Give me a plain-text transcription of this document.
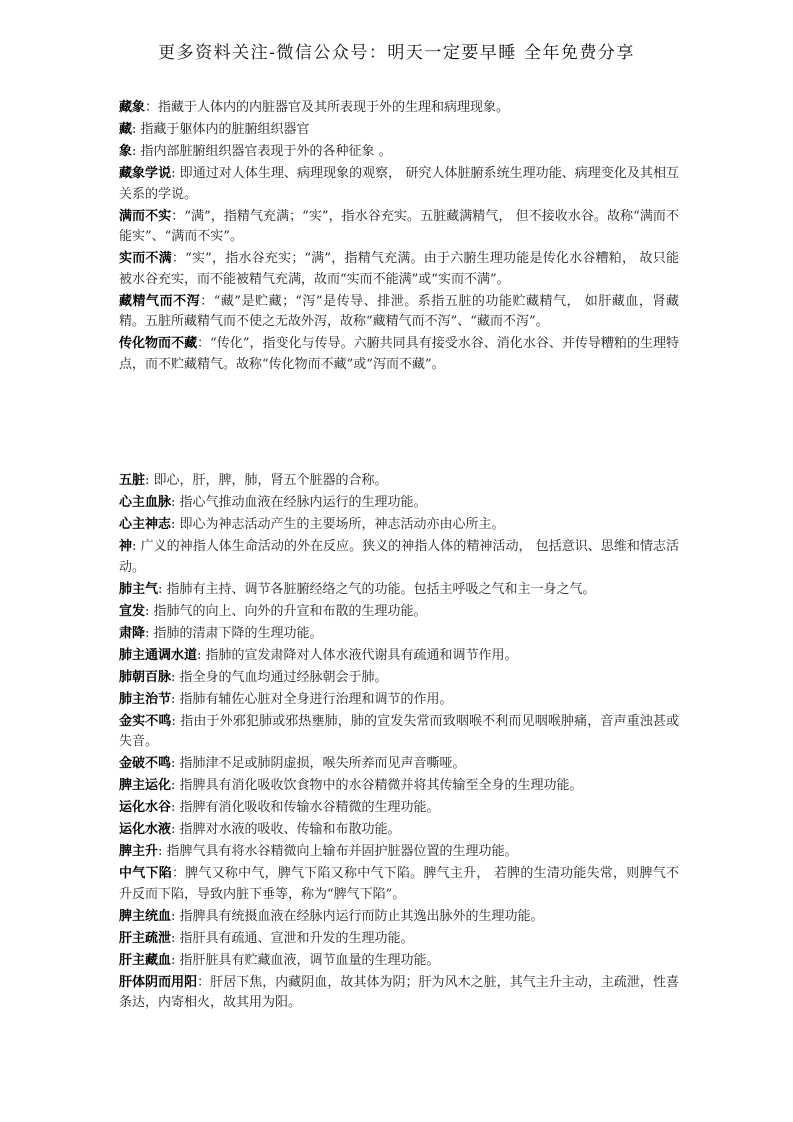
更多资料关注-微信公众号：明天一定要早睡 全年免费分享
藏象：指藏于人体内的内脏器官及其所表现于外的生理和病理现象。
藏: 指藏于躯体内的脏腑组织器官
象: 指内部脏腑组织器官表现于外的各种征象 。
藏象学说: 即通过对人体生理、病理现象的观察， 研究人体脏腑系统生理功能、病理变化及其相互关系的学说。
满而不实：“满”，指精气充满；“实”，指水谷充实。五脏藏满精气， 但不接收水谷。故称“满而不能实”、“满而不实”。
实而不满：“实”，指水谷充实；“满”，指精气充满。由于六腑生理功能是传化水谷糟粕， 故只能被水谷充实，而不能被精气充满，故而“实而不能满”或“实而不满”。
藏精气而不泻：“藏”是贮藏；“泻”是传导、排泄。系指五脏的功能贮藏精气， 如肝藏血，肾藏精。五脏所藏精气而不使之无故外泻，故称“藏精气而不泻”、“藏而不泻”。
传化物而不藏：“传化”，指变化与传导。六腑共同具有接受水谷、消化水谷、并传导糟粕的生理特点，而不贮藏精气。故称“传化物而不藏”或“泻而不藏”。
五脏: 即心，肝，脾，肺，肾五个脏器的合称。
心主血脉: 指心气推动血液在经脉内运行的生理功能。
心主神志: 即心为神志活动产生的主要场所，神志活动亦由心所主。
神: 广义的神指人体生命活动的外在反应。狭义的神指人体的精神活动， 包括意识、思维和情志活动。
肺主气: 指肺有主持、调节各脏腑经络之气的功能。包括主呼吸之气和主一身之气。
宣发: 指肺气的向上、向外的升宣和布散的生理功能。
肃降: 指肺的清肃下降的生理功能。
肺主通调水道: 指肺的宣发肃降对人体水液代谢具有疏通和调节作用。
肺朝百脉: 指全身的气血均通过经脉朝会于肺。
肺主治节: 指肺有辅佐心脏对全身进行治理和调节的作用。
金实不鸣: 指由于外邪犯肺或邪热壅肺，肺的宣发失常而致咽喉不利而见咽喉肿痛，音声重浊甚或失音。
金破不鸣: 指肺津不足或肺阴虚损，喉失所养而见声音嘶哑。
脾主运化: 指脾具有消化吸收饮食物中的水谷精微并将其传输至全身的生理功能。
运化水谷: 指脾有消化吸收和传输水谷精微的生理功能。
运化水液: 指脾对水液的吸收、传输和布散功能。
脾主升: 指脾气具有将水谷精微向上输布并固护脏器位置的生理功能。
中气下陷：脾气又称中气，脾气下陷又称中气下陷。脾气主升， 若脾的生清功能失常，则脾气不升反而下陷，导致内脏下垂等，称为“脾气下陷”。
脾主统血: 指脾具有统摄血液在经脉内运行而防止其逸出脉外的生理功能。
肝主疏泄: 指肝具有疏通、宣泄和升发的生理功能。
肝主藏血: 指肝脏具有贮藏血液，调节血量的生理功能。
肝体阴而用阳：肝居下焦，内藏阴血，故其体为阴；肝为风木之脏，其气主升主动，主疏泄，性喜条达，内寄相火，故其用为阳。
